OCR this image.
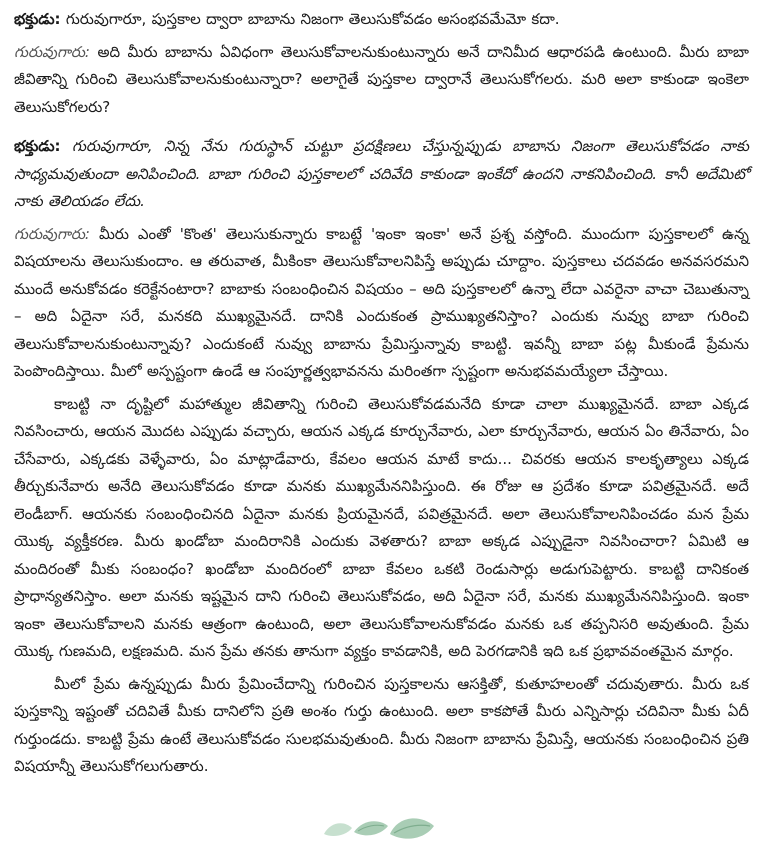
భక్తుడు: గురువుగారూ, పుస్తకాల ద్వారా బాబాను నిజంగా తెలుసుకోవడం అసంభవమేమో కదా.

గురువుగారు: అది మీరు బాబాను ఏవిధంగా తెలుసుకోవాలనుకుంటున్నారు అనే దానిమీద ఆధారపడి ఉంటుంది. మీరు బాబా జీవితాన్ని గురించి తెలుసుకోవాలనుకుంటున్నారా? అలాగైతే పుస్తకాల ద్వారానే తెలుసుకోగలరు. మరి అలా కాకుండా ఇంకెలా తెలుసుకోగలరు?

భక్తుడు: గురువుగారూ, నిన్న నేను గురుస్థాన్ చుట్టూ ప్రదక్షిణలు చేస్తున్నప్పుడు బాబాను నిజంగా తెలుసుకోవడం నాకు సాధ్యమవుతుందా అనిపించింది. బాబా గురించి పుస్తకాలలో చదివేది కాకుండా ఇంకేదో ఉందని నాకనిపించింది. కానీ అదేమిటో నాకు తెలియడం లేదు.

గురువుగారు: మీరు ఎంతో 'కొంత' తెలుసుకున్నారు కాబట్టే 'ఇంకా ఇంకా' అనే ప్రశ్న వస్తోంది. ముందుగా పుస్తకాలలో ఉన్న విషయాలను తెలుసుకుందాం. ఆ తరువాత, మీకింకా తెలుసుకోవాలనిపిస్తే అప్పుడు చూద్దాం. పుస్తకాలు చదవడం అనవసరమని ముందే అనుకోవడం కరెక్టేనంటారా? బాబాకు సంబంధించిన విషయం – అది పుస్తకాలలో ఉన్నా లేదా ఎవరైనా వాచా చెబుతున్నా – అది ఏదైనా సరే, మనకది ముఖ్యమైనదే. దానికి ఎందుకంత ప్రాముఖ్యతనిస్తాం? ఎందుకు నువ్వు బాబా గురించి తెలుసుకోవాలనుకుంటున్నావు? ఎందుకంటే నువ్వు బాబాను ప్రేమిస్తున్నావు కాబట్టి. ఇవన్నీ బాబా పట్ల మీకుండే ప్రేమను పెంపొందిస్తాయి. మీలో అస్పష్టంగా ఉండే ఆ సంపూర్ణత్వభావనను మరింతగా స్పష్టంగా అనుభవమయ్యేలా చేస్తాయి.

కాబట్టి నా దృష్టిలో మహాత్ముల జీవితాన్ని గురించి తెలుసుకోవడమనేది కూడా చాలా ముఖ్యమైనదే. బాబా ఎక్కడ నివసించారు, ఆయన మొదట ఎప్పుడు వచ్చారు, ఆయన ఎక్కడ కూర్చునేవారు, ఎలా కూర్చునేవారు, ఆయన ఏం తినేవారు, ఏం చేసేవారు, ఎక్కడకు వెళ్ళేవారు, ఏం మాట్లాడేవారు, కేవలం ఆయన మాటే కాదు... చివరకు ఆయన కాలకృత్యాలు ఎక్కడ తీర్చుకునేవారు అనేది తెలుసుకోవడం కూడా మనకు ముఖ్యమేననిపిస్తుంది. ఈ రోజు ఆ ప్రదేశం కూడా పవిత్రమైనదే. అదే లెండీబాగ్. ఆయనకు సంబంధించినది ఏదైనా మనకు ప్రియమైనదే, పవిత్రమైనదే. అలా తెలుసుకోవాలనిపించడం మన ప్రేమ యొక్క వ్యక్తీకరణ. మీరు ఖండోబా మందిరానికి ఎందుకు వెళతారు? బాబా అక్కడ ఎప్పుడైనా నివసించారా? ఏమిటి ఆ మందిరంతో మీకు సంబంధం? ఖండోబా మందిరంలో బాబా కేవలం ఒకటి రెండుసార్లు అడుగుపెట్టారు. కాబట్టి దానికంత ప్రాధాన్యతనిస్తాం. అలా మనకు ఇష్టమైన దాని గురించి తెలుసుకోవడం, అది ఏదైనా సరే, మనకు ముఖ్యమేననిపిస్తుంది. ఇంకా ఇంకా తెలుసుకోవాలని మనకు ఆత్రంగా ఉంటుంది, అలా తెలుసుకోవాలనుకోవడం మనకు ఒక తప్పనిసరి అవుతుంది. ప్రేమ యొక్క గుణమది, లక్షణమది. మన ప్రేమ తనకు తానుగా వ్యక్తం కావడానికి, అది పెరగడానికి ఇది ఒక ప్రభావవంతమైన మార్గం.

మీలో ప్రేమ ఉన్నప్పుడు మీరు ప్రేమించేదాన్ని గురించిన పుస్తకాలను ఆసక్తితో, కుతూహలంతో చదువుతారు. మీరు ఒక పుస్తకాన్ని ఇష్టంతో చదివితే మీకు దానిలోని ప్రతి అంశం గుర్తు ఉంటుంది. అలా కాకపోతే మీరు ఎన్నిసార్లు చదివినా మీకు ఏదీ గుర్తుండదు. కాబట్టి ప్రేమ ఉంటే తెలుసుకోవడం సులభమవుతుంది. మీరు నిజంగా బాబాను ప్రేమిస్తే, ఆయనకు సంబంధించిన ప్రతి విషయాన్నీ తెలుసుకోగలుగుతారు.
